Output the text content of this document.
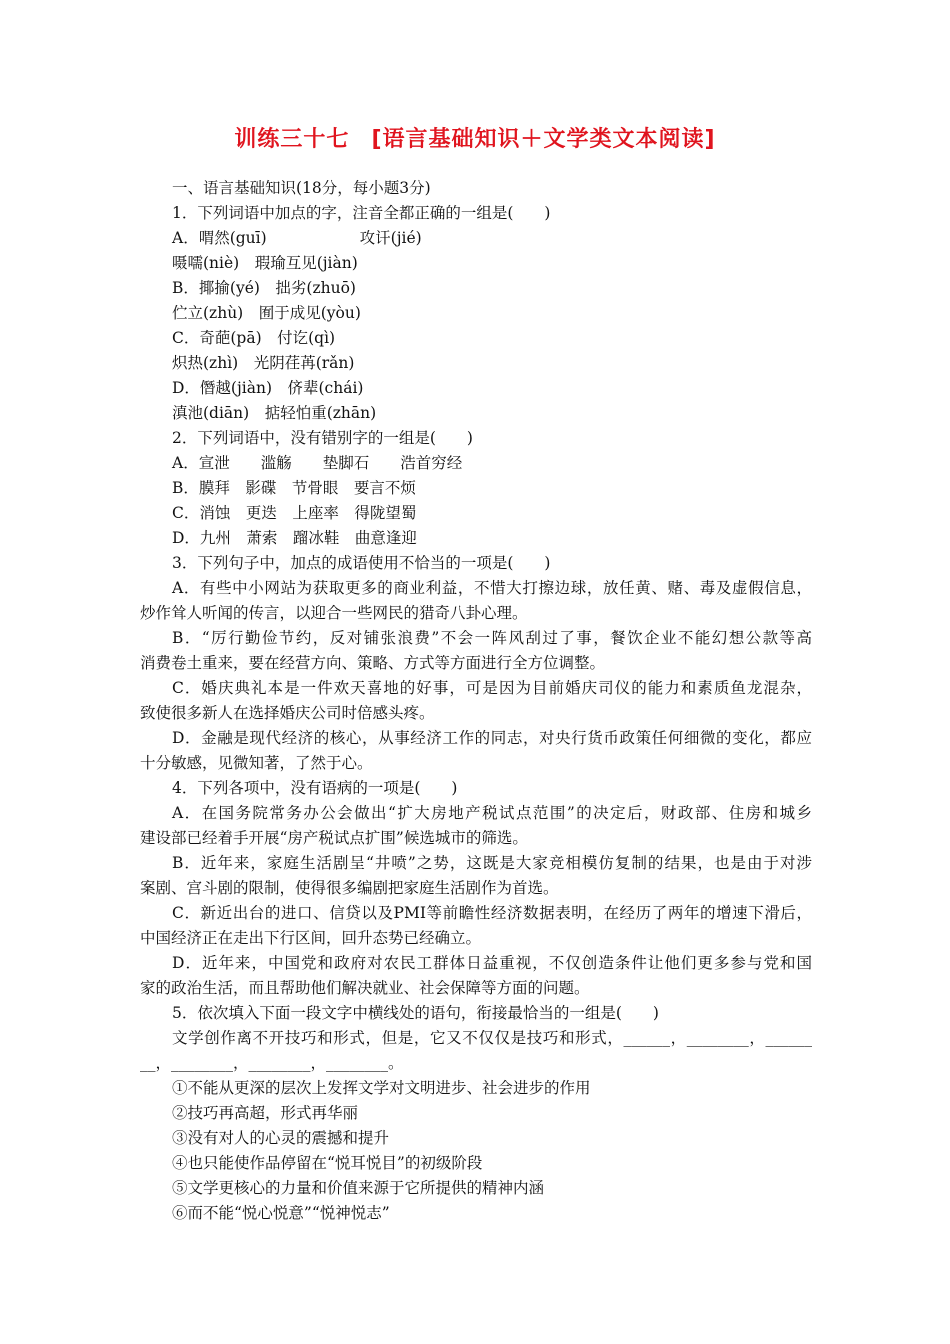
训练三十七 [语言基础知识＋文学类文本阅读]
一、语言基础知识(18分，每小题3分)
1．下列词语中加点的字，注音全都正确的一组是(　　)
A．喟然(guī)　　　　　　攻讦(jié)
嗫嚅(niè)　瑕瑜互见(jiàn)
B．揶揄(yé)　拙劣(zhuō)
伫立(zhù)　囿于成见(yòu)
C．奇葩(pā)　付讫(qì)
炽热(zhì)　光阴荏苒(rǎn)
D．僭越(jiàn)　侪辈(chái)
滇池(diān)　掂轻怕重(zhān)
2．下列词语中，没有错别字的一组是(　　)
A．宣泄　　滥觞　　垫脚石　　浩首穷经
B．膜拜　影碟　节骨眼　要言不烦
C．消蚀　更迭　上座率　得陇望蜀
D．九州　萧索　蹓冰鞋　曲意逢迎
3．下列句子中，加点的成语使用不恰当的一项是(　　)
A．有些中小网站为获取更多的商业利益，不惜大打擦边球，放任黄、赌、毒及虚假信息，
炒作耸人听闻的传言，以迎合一些网民的猎奇八卦心理。
B．“厉行勤俭节约，反对铺张浪费”不会一阵风刮过了事，餐饮企业不能幻想公款等高
消费卷土重来，要在经营方向、策略、方式等方面进行全方位调整。
C．婚庆典礼本是一件欢天喜地的好事，可是因为目前婚庆司仪的能力和素质鱼龙混杂，
致使很多新人在选择婚庆公司时倍感头疼。
D．金融是现代经济的核心，从事经济工作的同志，对央行货币政策任何细微的变化，都应
十分敏感，见微知著，了然于心。
4．下列各项中，没有语病的一项是(　　)
A．在国务院常务办公会做出“扩大房地产税试点范围”的决定后，财政部、住房和城乡
建设部已经着手开展“房产税试点扩围”候选城市的筛选。
B．近年来，家庭生活剧呈“井喷”之势，这既是大家竞相模仿复制的结果，也是由于对涉
案剧、宫斗剧的限制，使得很多编剧把家庭生活剧作为首选。
C．新近出台的进口、信贷以及PMI等前瞻性经济数据表明，在经历了两年的增速下滑后，
中国经济正在走出下行区间，回升态势已经确立。
D．近年来，中国党和政府对农民工群体日益重视，不仅创造条件让他们更多参与党和国
家的政治生活，而且帮助他们解决就业、社会保障等方面的问题。
5．依次填入下面一段文字中横线处的语句，衔接最恰当的一组是(　　)
文学创作离不开技巧和形式，但是，它又不仅仅是技巧和形式，______，________，______
__，________，________，________。
①不能从更深的层次上发挥文学对文明进步、社会进步的作用
②技巧再高超，形式再华丽
③没有对人的心灵的震撼和提升
④也只能使作品停留在“悦耳悦目”的初级阶段
⑤文学更核心的力量和价值来源于它所提供的精神内涵
⑥而不能“悦心悦意”“悦神悦志”
